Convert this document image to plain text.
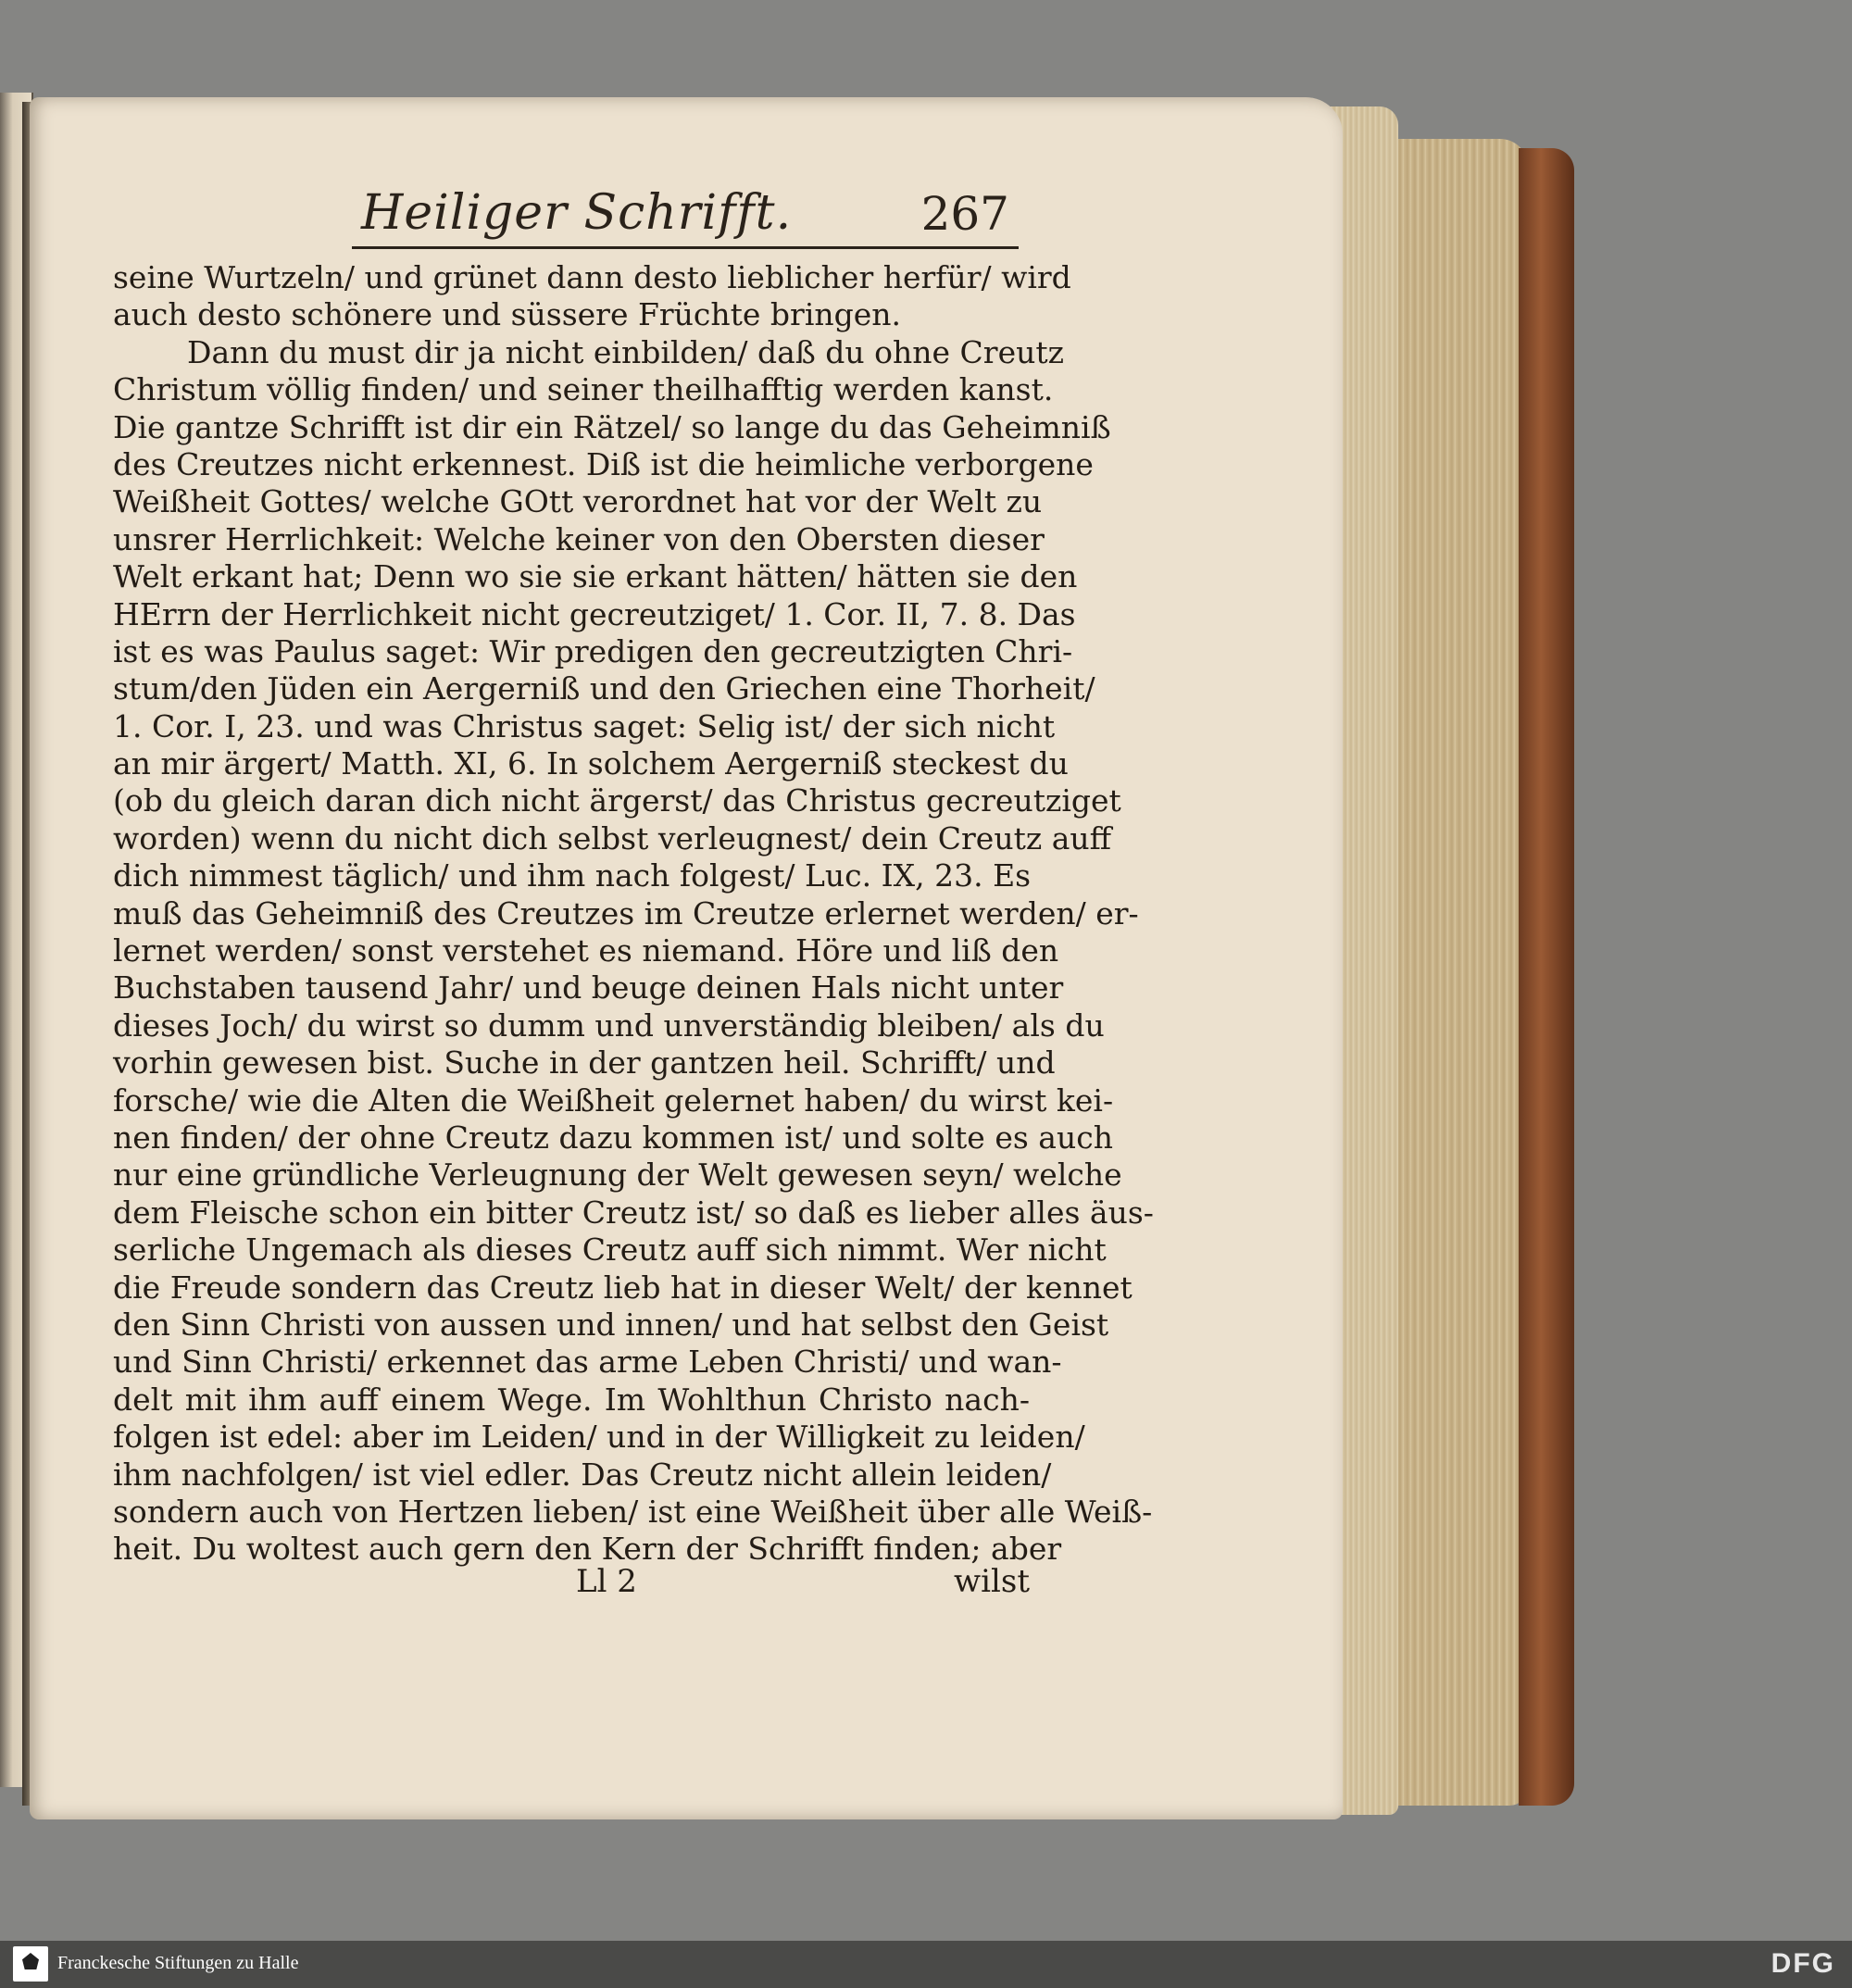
Heiliger Schrifft.	267
seine Wurtzeln/ und grünet dann desto lieblicher herfür/ wird
auch desto schönere und süssere Früchte bringen.
Dann du must dir ja nicht einbilden/ daß du ohne Creutz
Christum völlig finden/ und seiner theilhafftig werden kanst.
Die gantze Schrifft ist dir ein Rätzel/ so lange du das Geheimniß
des Creutzes nicht erkennest. Diß ist die heimliche verborgene
Weißheit Gottes/ welche GOtt verordnet hat vor der Welt zu
unsrer Herrlichkeit: Welche keiner von den Obersten dieser
Welt erkant hat; Denn wo sie sie erkant hätten/ hätten sie den
HErrn der Herrlichkeit nicht gecreutziget/ 1. Cor. II, 7. 8. Das
ist es was Paulus saget: Wir predigen den gecreutzigten Chri-
stum/den Jüden ein Aergerniß und den Griechen eine Thorheit/
1. Cor. I, 23. und was Christus saget: Selig ist/ der sich nicht
an mir ärgert/ Matth. XI, 6. In solchem Aergerniß steckest du
(ob du gleich daran dich nicht ärgerst/ das Christus gecreutziget
worden) wenn du nicht dich selbst verleugnest/ dein Creutz auff
dich nimmest täglich/ und ihm nach folgest/ Luc. IX, 23. Es
muß das Geheimniß des Creutzes im Creutze erlernet werden/ er-
lernet werden/ sonst verstehet es niemand. Höre und liß den
Buchstaben tausend Jahr/ und beuge deinen Hals nicht unter
dieses Joch/ du wirst so dumm und unverständig bleiben/ als du
vorhin gewesen bist. Suche in der gantzen heil. Schrifft/ und
forsche/ wie die Alten die Weißheit gelernet haben/ du wirst kei-
nen finden/ der ohne Creutz dazu kommen ist/ und solte es auch
nur eine gründliche Verleugnung der Welt gewesen seyn/ welche
dem Fleische schon ein bitter Creutz ist/ so daß es lieber alles äus-
serliche Ungemach als dieses Creutz auff sich nimmt. Wer nicht
die Freude sondern das Creutz lieb hat in dieser Welt/ der kennet
den Sinn Christi von aussen und innen/ und hat selbst den Geist
und Sinn Christi/ erkennet das arme Leben Christi/ und wan-
delt mit ihm auff einem Wege. Im Wohlthun Christo nach-
folgen ist edel: aber im Leiden/ und in der Willigkeit zu leiden/
ihm nachfolgen/ ist viel edler. Das Creutz nicht allein leiden/
sondern auch von Hertzen lieben/ ist eine Weißheit über alle Weiß-
heit. Du woltest auch gern den Kern der Schrifft finden; aber
Ll 2	wilst
Franckesche Stiftungen zu Halle	DFG
